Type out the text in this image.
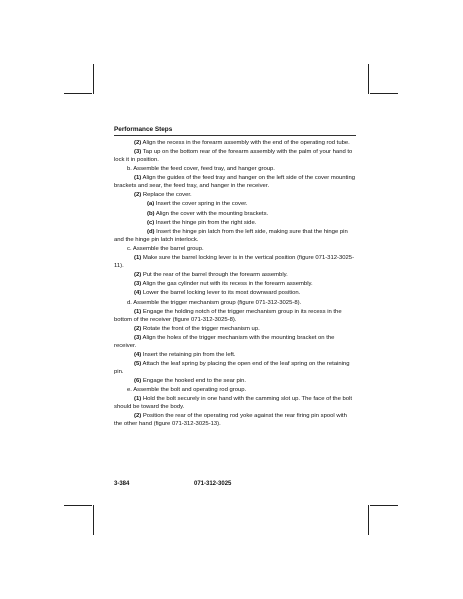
Performance Steps

(2) Align the recess in the forearm assembly with the end of the operating rod tube.

(3) Tap up on the bottom rear of the forearm assembly with the palm of your hand to lock it in position.

b. Assemble the feed cover, feed tray, and hanger group.

(1) Align the guides of the feed tray and hanger on the left side of the cover mounting brackets and sear, the feed tray, and hanger in the receiver.

(2) Replace the cover.

(a) Insert the cover spring in the cover.

(b) Align the cover with the mounting brackets.

(c) Insert the hinge pin from the right side.

(d) Insert the hinge pin latch from the left side, making sure that the hinge pin and the hinge pin latch interlock.

c. Assemble the barrel group.

(1) Make sure the barrel locking lever is in the vertical position (figure 071-312-3025-11).

(2) Put the rear of the barrel through the forearm assembly.

(3) Align the gas cylinder nut with its recess in the forearm assembly.

(4) Lower the barrel locking lever to its most downward position.

d. Assemble the trigger mechanism group (figure 071-312-3025-8).

(1) Engage the holding notch of the trigger mechanism group in its recess in the bottom of the receiver (figure 071-312-3025-8).

(2) Rotate the front of the trigger mechanism up.

(3) Align the holes of the trigger mechanism with the mounting bracket on the receiver.

(4) Insert the retaining pin from the left.

(5) Attach the leaf spring by placing the open end of the leaf spring on the retaining pin.

(6) Engage the hooked end to the sear pin.

e. Assemble the bolt and operating rod group.

(1) Hold the bolt securely in one hand with the camming slot up. The face of the bolt should be toward the body.

(2) Position the rear of the operating rod yoke against the rear firing pin spool with the other hand (figure 071-312-3025-13).

3-384	071-312-3025
